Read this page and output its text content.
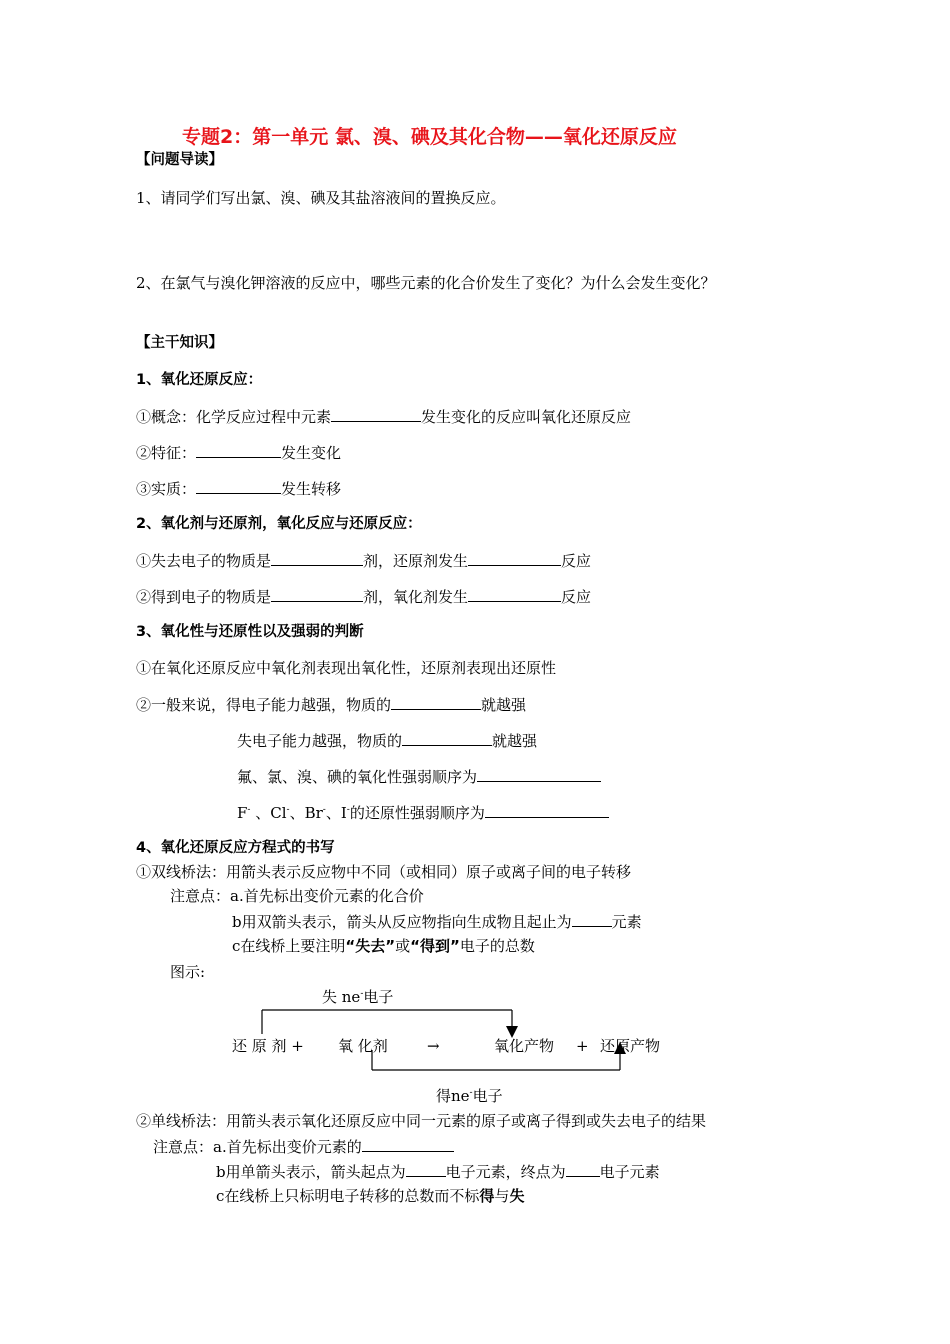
专题2：第一单元 氯、溴、碘及其化合物——氧化还原反应
【问题导读】
1、请同学们写出氯、溴、碘及其盐溶液间的置换反应。
2、在氯气与溴化钾溶液的反应中，哪些元素的化合价发生了变化？为什么会发生变化？
【主干知识】
1、氧化还原反应：
①概念：化学反应过程中元素	发生变化的反应叫氧化还原反应
②特征：	发生变化
③实质：	发生转移
2、氧化剂与还原剂，氧化反应与还原反应：
①失去电子的物质是	剂，还原剂发生	反应
②得到电子的物质是	剂，氧化剂发生	反应
3、氧化性与还原性以及强弱的判断
①在氧化还原反应中氧化剂表现出氧化性，还原剂表现出还原性
②一般来说，得电子能力越强，物质的	就越强
失电子能力越强，物质的	就越强
氟、氯、溴、碘的氧化性强弱顺序为
F- 、Cl-、Br-、I-的还原性强弱顺序为
4、氧化还原反应方程式的书写
①双线桥法：用箭头表示反应物中不同（或相同）原子或离子间的电子转移
注意点：a.首先标出变价元素的化合价
b用双箭头表示，箭头从反应物指向生成物且起止为	元素
c在线桥上要注明“失去”或“得到”电子的总数
图示:
失 ne-电子
还 原 剂 + 氧 化剂	→	氧化产物 + 还原产物
得ne-电子
②单线桥法：用箭头表示氧化还原反应中同一元素的原子或离子得到或失去电子的结果
注意点：a.首先标出变价元素的
b用单箭头表示，箭头起点为	电子元素，终点为 电子元素
c在线桥上只标明电子转移的总数而不标得与失
